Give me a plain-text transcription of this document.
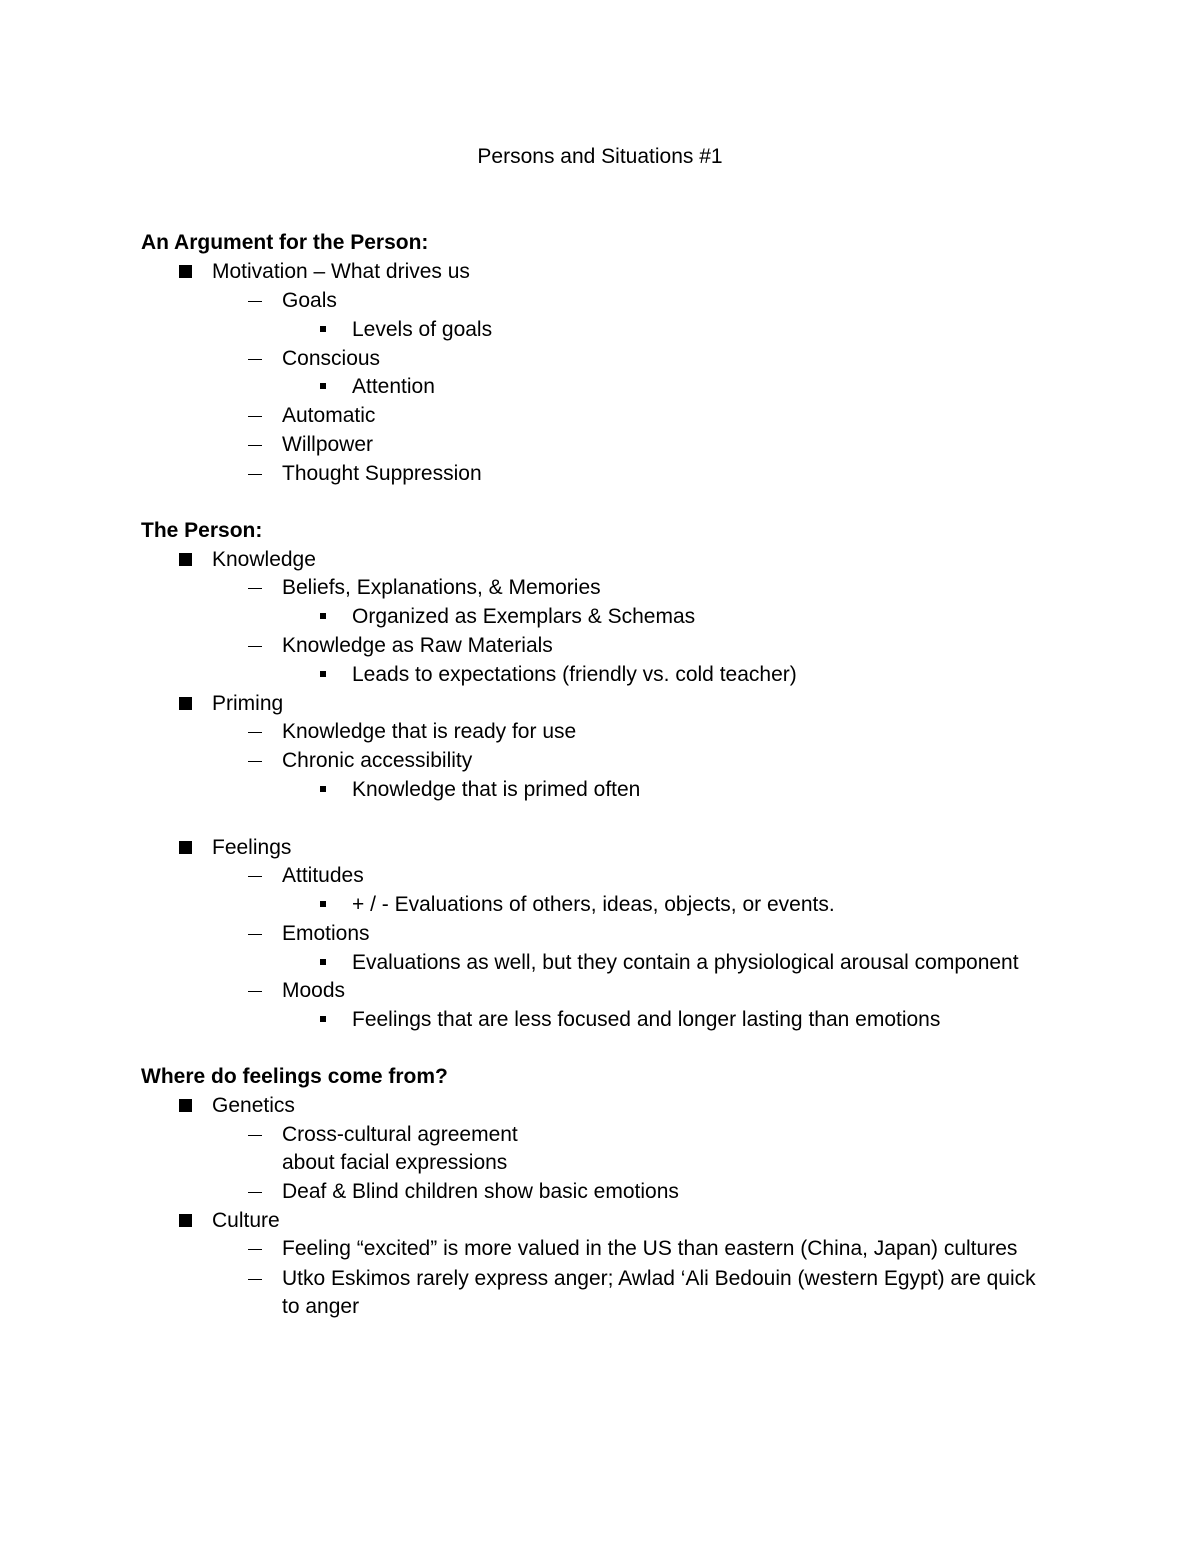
Persons and Situations #1
An Argument for the Person:
Motivation – What drives us
Goals
Levels of goals
Conscious
Attention
Automatic
Willpower
Thought Suppression
The Person:
Knowledge
Beliefs, Explanations, & Memories
Organized as Exemplars & Schemas
Knowledge as Raw Materials
Leads to expectations (friendly vs. cold teacher)
Priming
Knowledge that is ready for use
Chronic accessibility
Knowledge that is primed often
Feelings
Attitudes
+ / - Evaluations of others, ideas, objects, or events.
Emotions
Evaluations as well, but they contain a physiological arousal component
Moods
Feelings that are less focused and longer lasting than emotions
Where do feelings come from?
Genetics
Cross-cultural agreement
about facial expressions
Deaf & Blind children show basic emotions
Culture
Feeling “excited” is more valued in the US than eastern (China, Japan) cultures
Utko Eskimos rarely express anger; Awlad ‘Ali Bedouin (western Egypt) are quick
to anger
